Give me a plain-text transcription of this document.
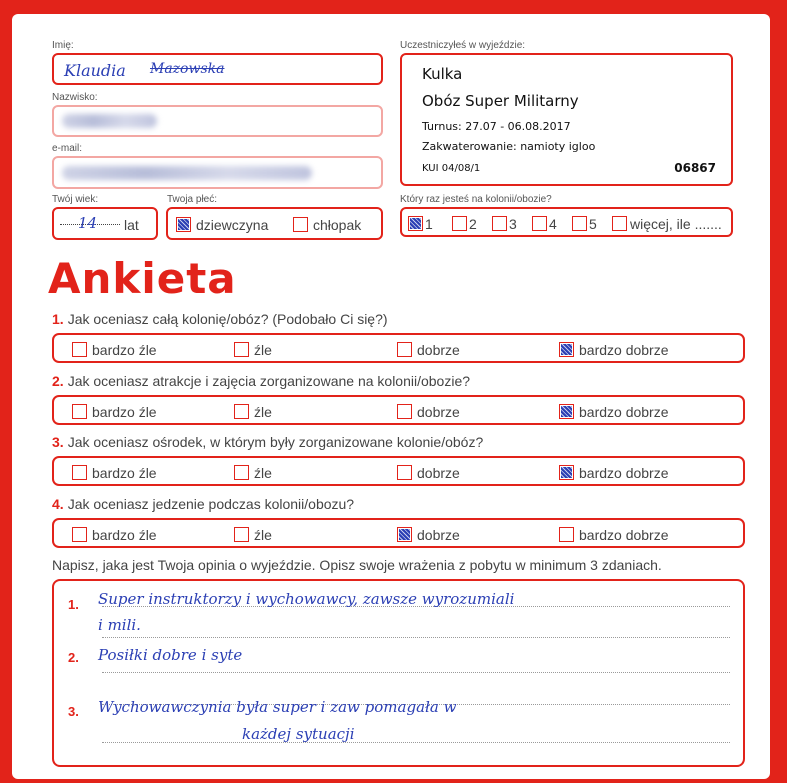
Imię:
Klaudia Mazowska
Nazwisko:
e-mail:
Twój wiek:
14 lat
Twoja płeć:
dziewczyna	chłopak
Uczestniczyłeś w wyjeździe:
Kulka
Obóz Super Militarny
Turnus: 27.07 - 06.08.2017
Zakwaterowanie: namioty igloo
KUI 04/08/1	06867
Który raz jesteś na kolonii/obozie?
1	2	3	4	5	więcej, ile .......
Ankieta
1. Jak oceniasz całą kolonię/obóz? (Podobało Ci się?)
bardzo źle	źle	dobrze	bardzo dobrze
2. Jak oceniasz atrakcje i zajęcia zorganizowane na kolonii/obozie?
bardzo źle	źle	dobrze	bardzo dobrze
3. Jak oceniasz ośrodek, w którym były zorganizowane kolonie/obóz?
bardzo źle	źle	dobrze	bardzo dobrze
4. Jak oceniasz jedzenie podczas kolonii/obozu?
bardzo źle	źle	dobrze	bardzo dobrze
Napisz, jaka jest Twoja opinia o wyjeździe. Opisz swoje wrażenia z pobytu w minimum 3 zdaniach.
1. Super instruktorzy i wychowawcy, zawsze wyrozumiali
i mili.
2. Posiłki dobre i syte
3. Wychowawczynia była super i zaw pomagała w
każdej sytuacji
